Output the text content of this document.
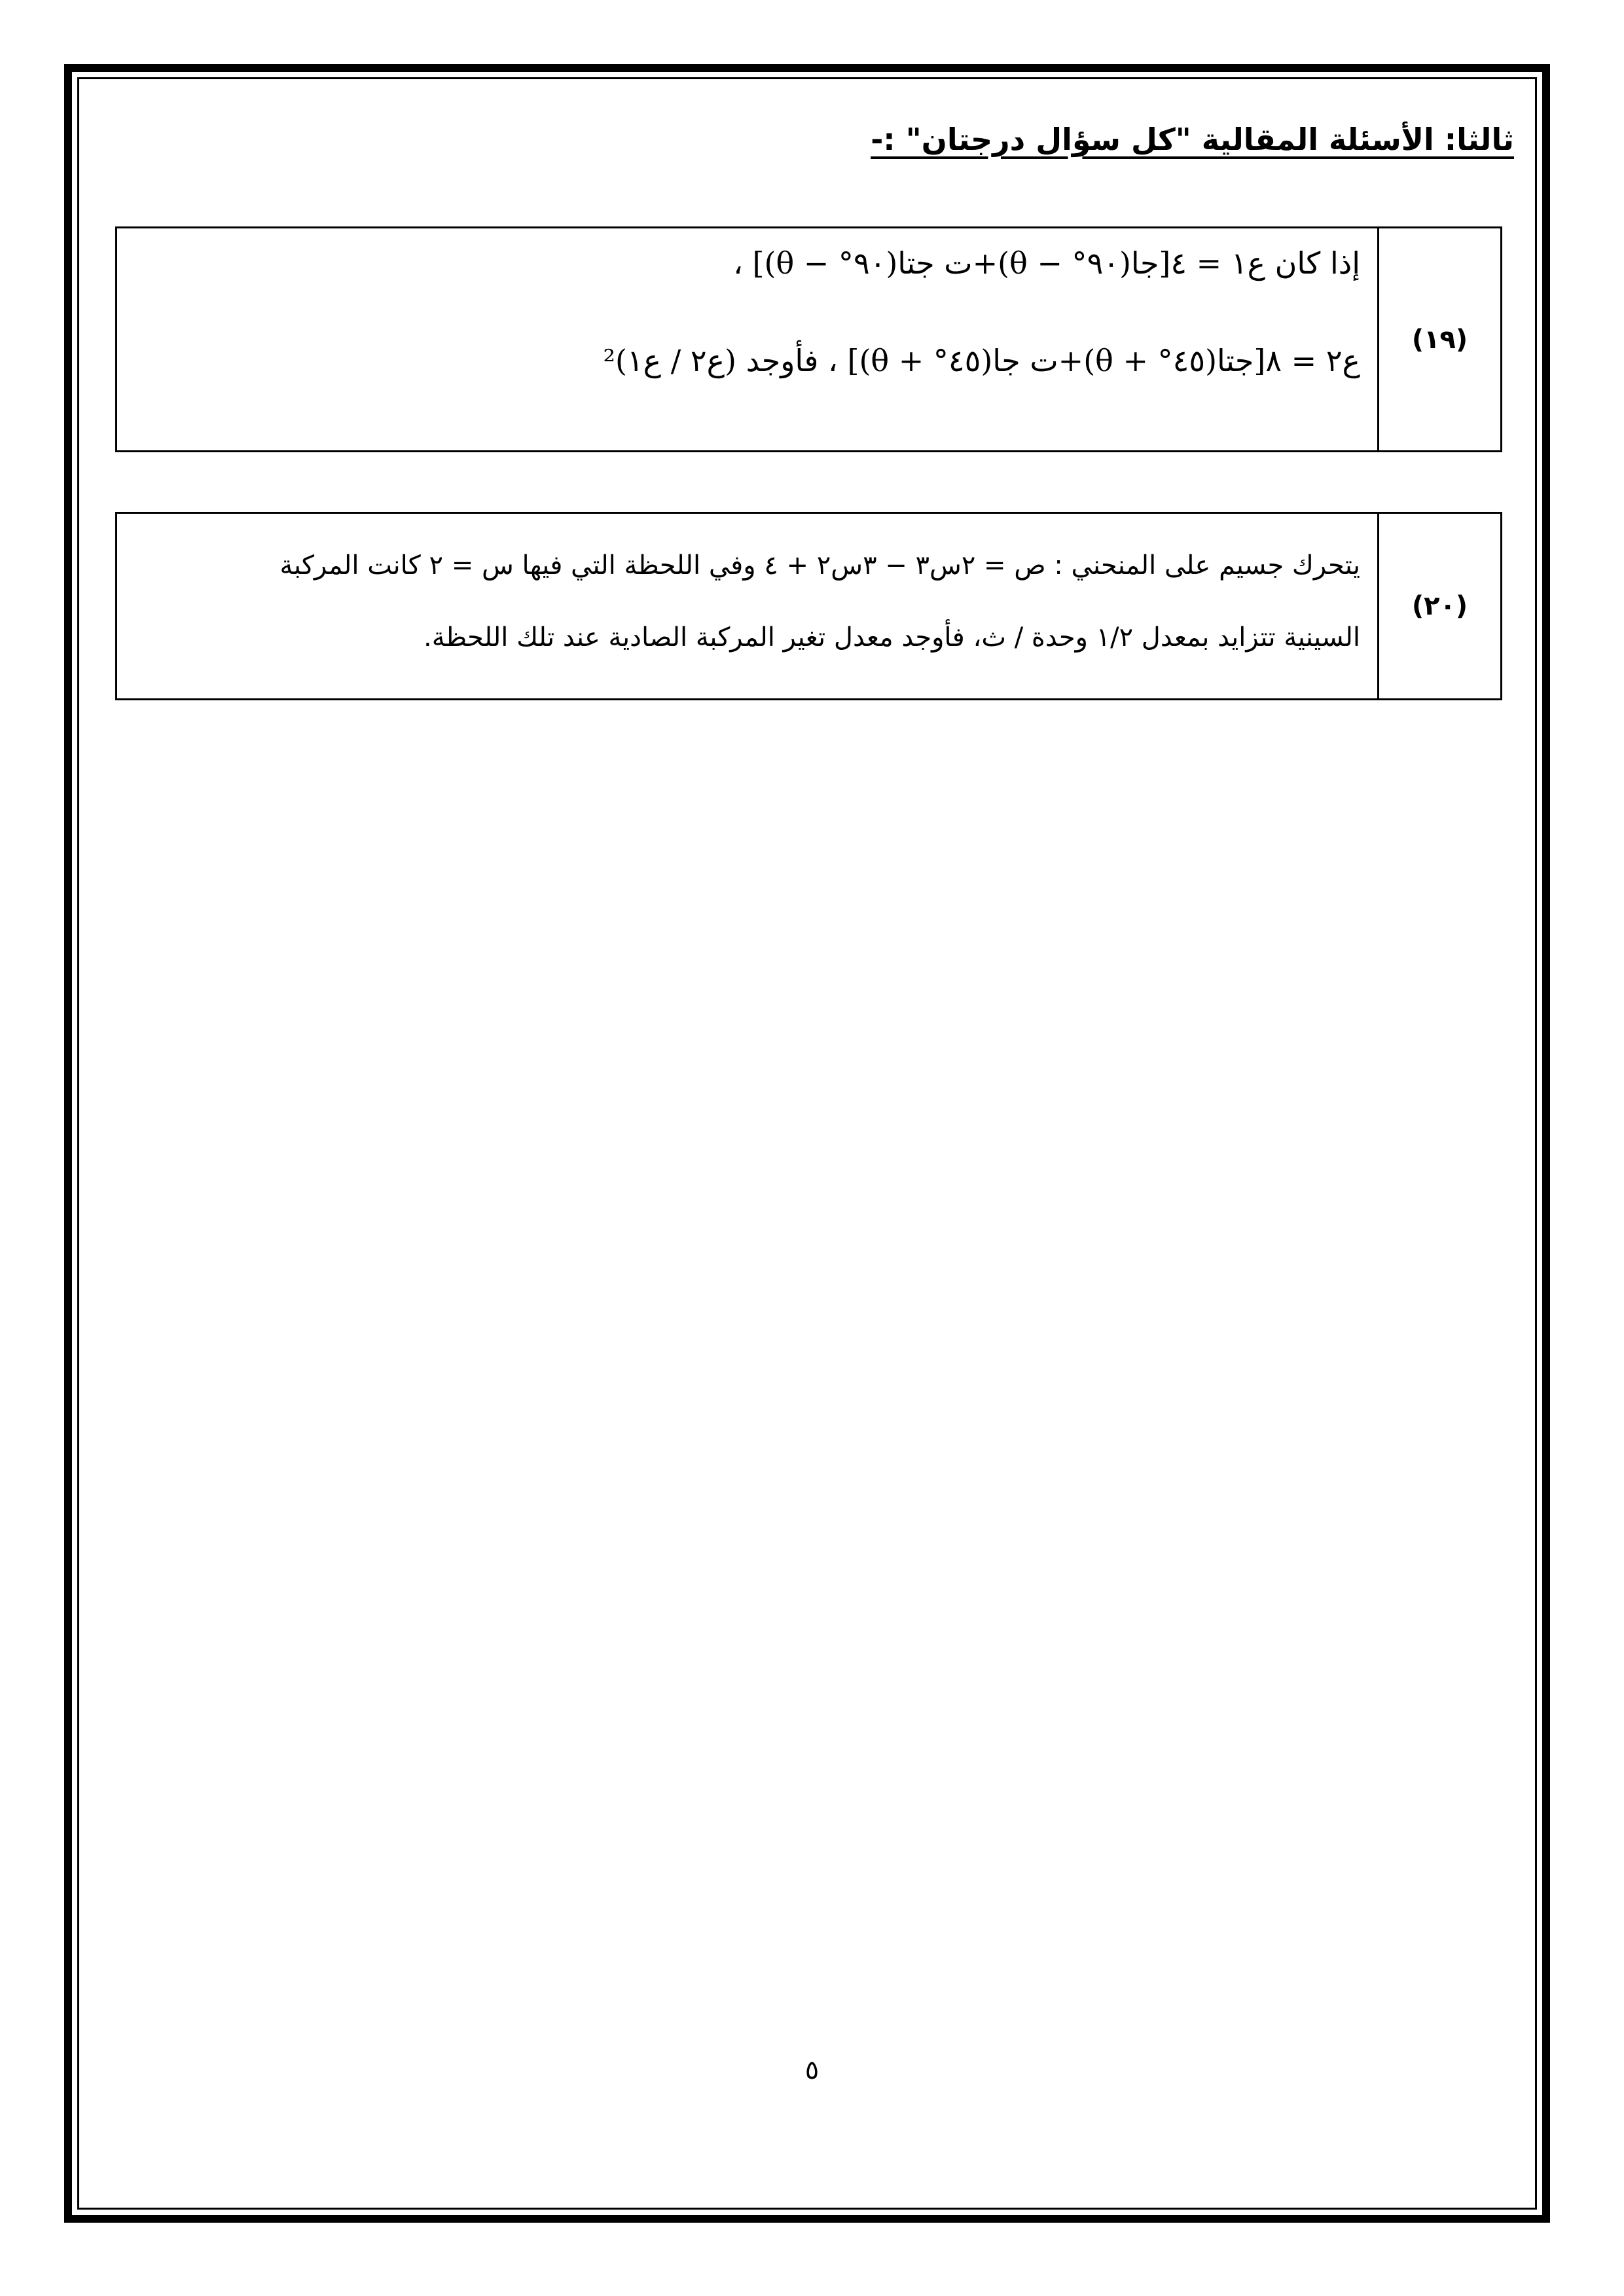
ثالثا: الأسئلة المقالية "كل سؤال درجتان" :-
(١٩)
إذا كان ع١ = ٤[جا(٩٠° − θ)+ت جتا(٩٠° − θ)] ،
ع٢ = ٨[جتا(٤٥° + θ)+ت جا(٤٥° + θ)] ، فأوجد (ع٢ / ع١)²
(٢٠)
يتحرك جسيم على المنحني : ص = ٢س٣ − ٣س٢ + ٤ وفي اللحظة التي فيها س = ٢ كانت المركبة
السينية تتزايد بمعدل ١/٢ وحدة / ث، فأوجد معدل تغير المركبة الصادية عند تلك اللحظة.
٥
